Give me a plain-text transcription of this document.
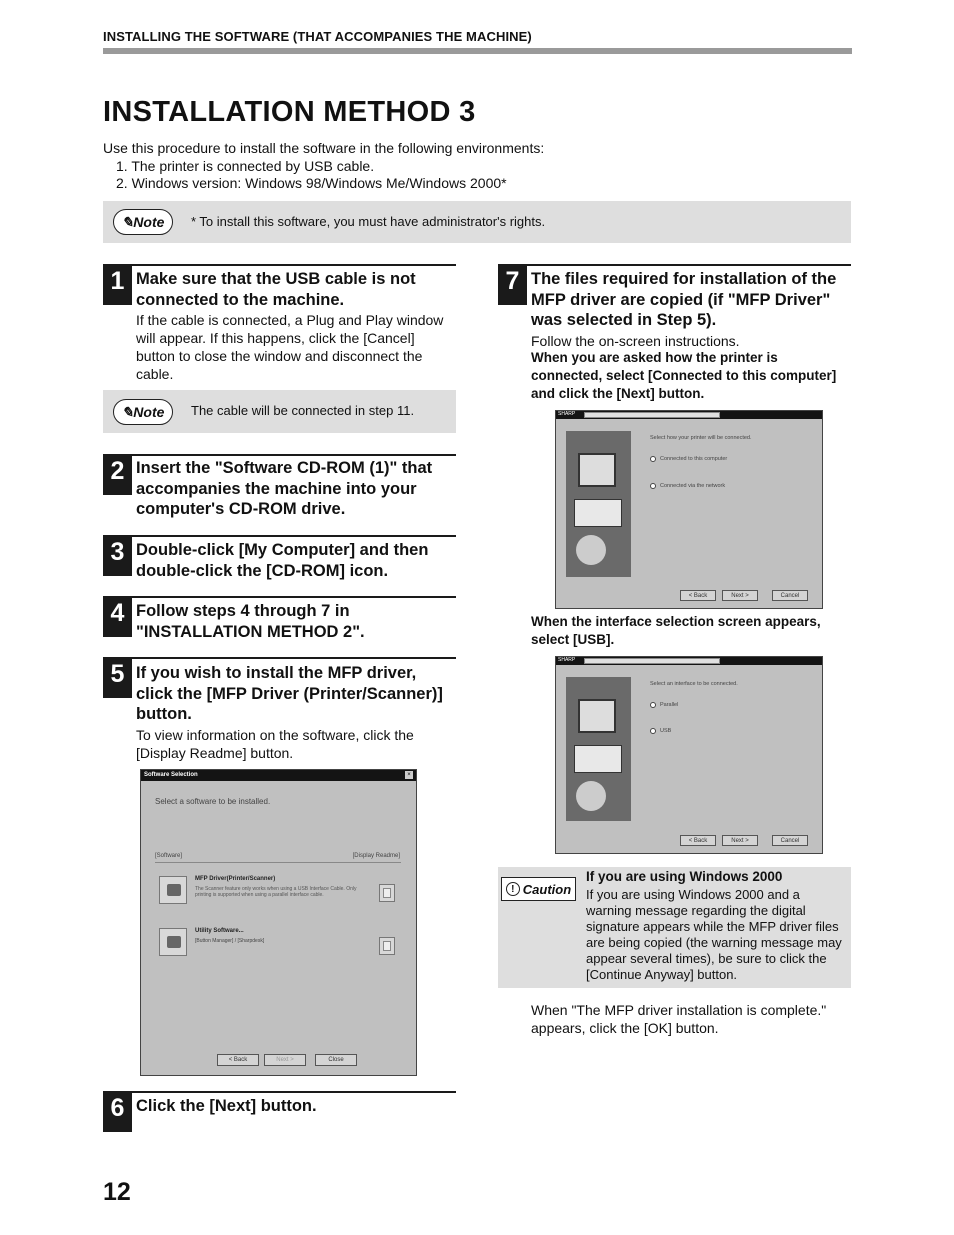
INSTALLING THE SOFTWARE (THAT ACCOMPANIES THE MACHINE)
INSTALLATION METHOD 3
Use this procedure to install the software in the following environments:
1. The printer is connected by USB cable.
2. Windows version: Windows 98/Windows Me/Windows 2000*
✎ Note * To install this software, you must have administrator's rights.
1 Make sure that the USB cable is not connected to the machine.
If the cable is connected, a Plug and Play window will appear. If this happens, click the [Cancel] button to close the window and disconnect the cable.
✎ Note The cable will be connected in step 11.
2 Insert the "Software CD-ROM (1)" that accompanies the machine into your computer's CD-ROM drive.
3 Double-click [My Computer] and then double-click the [CD-ROM] icon.
4 Follow steps 4 through 7 in "INSTALLATION METHOD 2".
5 If you wish to install the MFP driver, click the [MFP Driver (Printer/Scanner)] button.
To view information on the software, click the [Display Readme] button.
Software Selection	×
Select a software to be installed.
[Software]	[Display Readme]
MFP Driver(Printer/Scanner)
The Scanner feature only works when using a USB Interface Cable. Only printing is supported when using a parallel interface cable.
Utility Software...
[Button Manager] / [Sharpdesk]
< Back	Next >	Close
6 Click the [Next] button.
7 The files required for installation of the MFP driver are copied (if "MFP Driver" was selected in Step 5).
Follow the on-screen instructions.
When you are asked how the printer is connected, select [Connected to this computer] and click the [Next] button.
SHARP
Select how your printer will be connected.
Connected to this computer
Connected via the network
< Back	Next >	Cancel
When the interface selection screen appears, select [USB].
SHARP
Select an interface to be connected.
Parallel
USB
< Back	Next >	Cancel
! Caution
If you are using Windows 2000
If you are using Windows 2000 and a warning message regarding the digital signature appears while the MFP driver files are being copied (the warning message may appear several times), be sure to click the [Continue Anyway] button.
When "The MFP driver installation is complete." appears, click the [OK] button.
12
